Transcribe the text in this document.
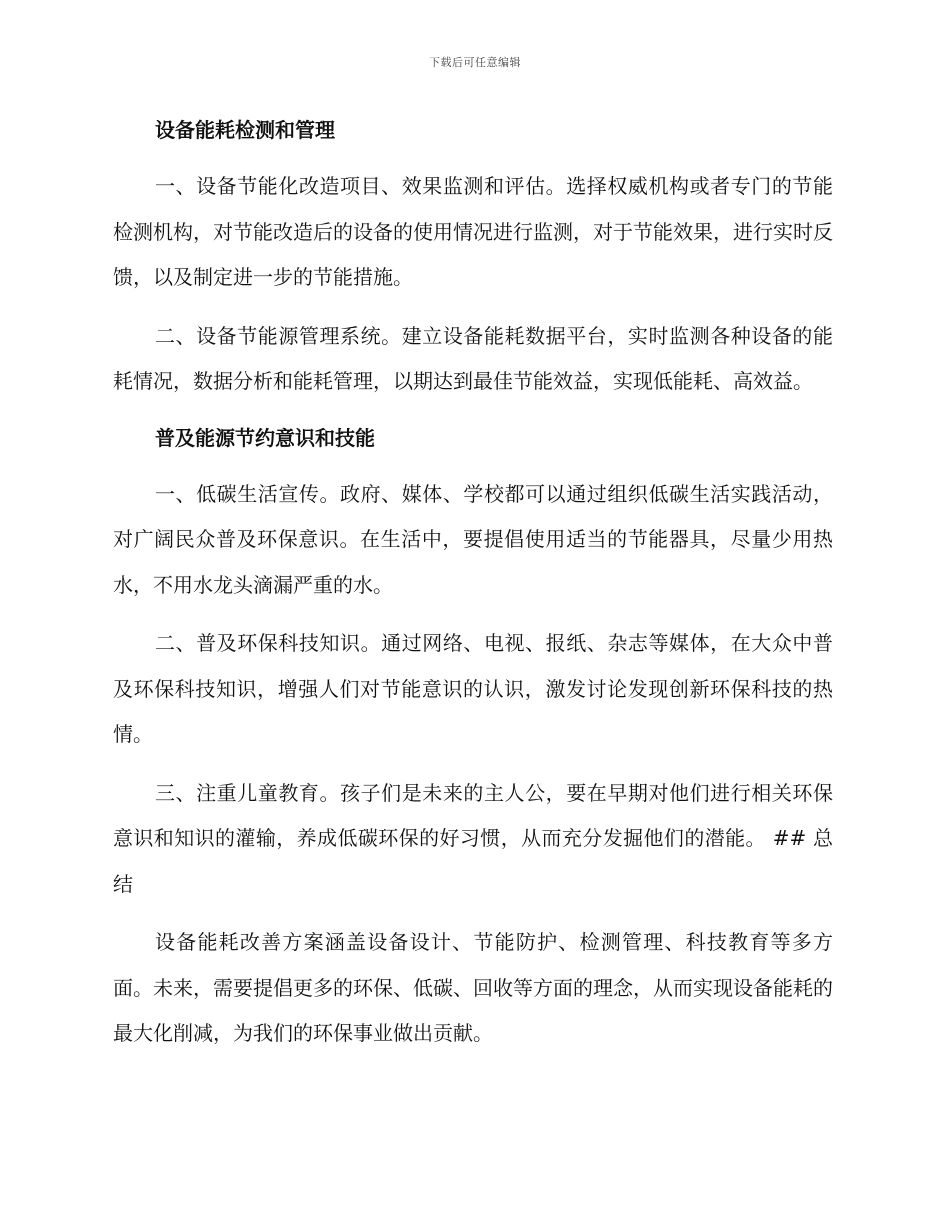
下载后可任意编辑
设备能耗检测和管理

一、设备节能化改造项目、效果监测和评估。选择权威机构或者专门的节能检测机构，对节能改造后的设备的使用情况进行监测，对于节能效果，进行实时反馈，以及制定进一步的节能措施。

二、设备节能源管理系统。建立设备能耗数据平台，实时监测各种设备的能耗情况，数据分析和能耗管理，以期达到最佳节能效益，实现低能耗、高效益。

普及能源节约意识和技能

一、低碳生活宣传。政府、媒体、学校都可以通过组织低碳生活实践活动，对广阔民众普及环保意识。在生活中，要提倡使用适当的节能器具，尽量少用热水，不用水龙头滴漏严重的水。

二、普及环保科技知识。通过网络、电视、报纸、杂志等媒体，在大众中普及环保科技知识，增强人们对节能意识的认识，激发讨论发现创新环保科技的热情。

三、注重儿童教育。孩子们是未来的主人公，要在早期对他们进行相关环保意识和知识的灌输，养成低碳环保的好习惯，从而充分发掘他们的潜能。 ## 总结

设备能耗改善方案涵盖设备设计、节能防护、检测管理、科技教育等多方面。未来，需要提倡更多的环保、低碳、回收等方面的理念，从而实现设备能耗的最大化削减，为我们的环保事业做出贡献。
